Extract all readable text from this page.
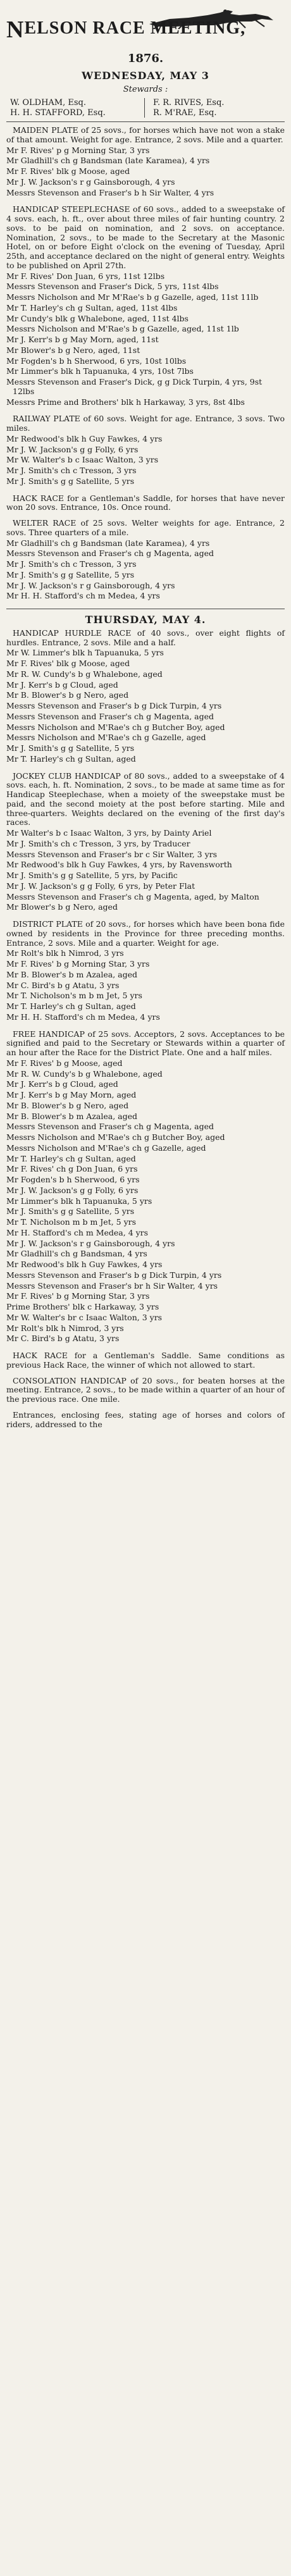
NELSON RACE MEETING,
1876.
WEDNESDAY, MAY 3
Stewards :
W. OLDHAM, Esq.
H. H. STAFFORD, Esq.
F. R. RIVES, Esq.
R. M'RAE, Esq.
MAIDEN PLATE of 25 sovs., for horses which have not won a stake of that amount. Weight for age. Entrance, 2 sovs. Mile and a quarter.
Mr F. Rives' p g Morning Star, 3 yrs
Mr Gladhill's ch g Bandsman (late Karamea), 4 yrs
Mr F. Rives' blk g Moose, aged
Mr J. W. Jackson's r g Gainsborough, 4 yrs
Messrs Stevenson and Fraser's b h Sir Walter, 4 yrs
HANDICAP STEEPLECHASE of 60 sovs., added to a sweepstake of 4 sovs. each, h. ft., over about three miles of fair hunting country. 2 sovs. to be paid on nomination, and 2 sovs. on acceptance. Nomination, 2 sovs., to be made to the Secretary at the Masonic Hotel, on or before Eight o'clock on the evening of Tuesday, April 25th, and acceptance declared on the night of general entry. Weights to be published on April 27th.
Mr F. Rives' Don Juan, 6 yrs, 11st 12lbs
Messrs Stevenson and Fraser's Dick, 5 yrs, 11st 4lbs
Messrs Nicholson and Mr M'Rae's b g Gazelle, aged, 11st 11lb
Mr T. Harley's ch g Sultan, aged, 11st 4lbs
Mr Cundy's blk g Whalebone, aged, 11st 4lbs
Messrs Nicholson and M'Rae's b g Gazelle, aged, 11st 1lb
Mr J. Kerr's b g May Morn, aged, 11st
Mr Blower's b g Nero, aged, 11st
Mr Fogden's b h Sherwood, 6 yrs, 10st 10lbs
Mr Limmer's blk h Tapuanuka, 4 yrs, 10st 7lbs
Messrs Stevenson and Fraser's Dick, g g Dick Turpin, 4 yrs, 9st 12lbs
Messrs Prime and Brothers' blk h Harkaway, 3 yrs, 8st 4lbs
RAILWAY PLATE of 60 sovs. Weight for age. Entrance, 3 sovs. Two miles.
Mr Redwood's blk h Guy Fawkes, 4 yrs
Mr J. W. Jackson's g g Folly, 6 yrs
Mr W. Walter's b c Isaac Walton, 3 yrs
Mr J. Smith's ch c Tresson, 3 yrs
Mr J. Smith's g g Satellite, 5 yrs
HACK RACE for a Gentleman's Saddle, for horses that have never won 20 sovs. Entrance, 10s. Once round.
WELTER RACE of 25 sovs. Welter weights for age. Entrance, 2 sovs. Three quarters of a mile.
Mr Gladhill's ch g Bandsman (late Karamea), 4 yrs
Messrs Stevenson and Fraser's ch g Magenta, aged
Mr J. Smith's ch c Tresson, 3 yrs
Mr J. Smith's g g Satellite, 5 yrs
Mr J. W. Jackson's r g Gainsborough, 4 yrs
Mr H. H. Stafford's ch m Medea, 4 yrs
THURSDAY, MAY 4.
HANDICAP HURDLE RACE of 40 sovs., over eight flights of hurdles. Entrance, 2 sovs. Mile and a half.
Mr W. Limmer's blk h Tapuanuka, 5 yrs
Mr F. Rives' blk g Moose, aged
Mr R. W. Cundy's b g Whalebone, aged
Mr J. Kerr's b g Cloud, aged
Mr B. Blower's b g Nero, aged
Messrs Stevenson and Fraser's b g Dick Turpin, 4 yrs
Messrs Stevenson and Fraser's ch g Magenta, aged
Messrs Nicholson and M'Rae's ch g Butcher Boy, aged
Messrs Nicholson and M'Rae's ch g Gazelle, aged
Mr J. Smith's g g Satellite, 5 yrs
Mr T. Harley's ch g Sultan, aged
JOCKEY CLUB HANDICAP of 80 sovs., added to a sweepstake of 4 sovs. each, h. ft. Nomination, 2 sovs., to be made at same time as for Handicap Steeplechase, when a moiety of the sweepstake must be paid, and the second moiety at the post before starting. Mile and three-quarters. Weights declared on the evening of the first day's races.
Mr Walter's b c Isaac Walton, 3 yrs, by Dainty Ariel
Mr J. Smith's ch c Tresson, 3 yrs, by Traducer
Messrs Stevenson and Fraser's br c Sir Walter, 3 yrs
Mr Redwood's blk h Guy Fawkes, 4 yrs, by Ravensworth
Mr J. Smith's g g Satellite, 5 yrs, by Pacific
Mr J. W. Jackson's g g Folly, 6 yrs, by Peter Flat
Messrs Stevenson and Fraser's ch g Magenta, aged, by Malton
Mr Blower's b g Nero, aged
DISTRICT PLATE of 20 sovs., for horses which have been bona fide owned by residents in the Province for three preceding months. Entrance, 2 sovs. Mile and a quarter. Weight for age.
Mr Rolt's blk h Nimrod, 3 yrs
Mr F. Rives' b g Morning Star, 3 yrs
Mr B. Blower's b m Azalea, aged
Mr C. Bird's b g Atatu, 3 yrs
Mr T. Nicholson's m b m Jet, 5 yrs
Mr T. Harley's ch g Sultan, aged
Mr H. H. Stafford's ch m Medea, 4 yrs
FREE HANDICAP of 25 sovs. Acceptors, 2 sovs. Acceptances to be signified and paid to the Secretary or Stewards within a quarter of an hour after the Race for the District Plate. One and a half miles.
Mr F. Rives' b g Moose, aged
Mr R. W. Cundy's b g Whalebone, aged
Mr J. Kerr's b g Cloud, aged
Mr J. Kerr's b g May Morn, aged
Mr B. Blower's b g Nero, aged
Mr B. Blower's b m Azalea, aged
Messrs Stevenson and Fraser's ch g Magenta, aged
Messrs Nicholson and M'Rae's ch g Butcher Boy, aged
Messrs Nicholson and M'Rae's ch g Gazelle, aged
Mr T. Harley's ch g Sultan, aged
Mr F. Rives' ch g Don Juan, 6 yrs
Mr Fogden's b h Sherwood, 6 yrs
Mr J. W. Jackson's g g Folly, 6 yrs
Mr Limmer's blk h Tapuanuka, 5 yrs
Mr J. Smith's g g Satellite, 5 yrs
Mr T. Nicholson m b m Jet, 5 yrs
Mr H. Stafford's ch m Medea, 4 yrs
Mr J. W. Jackson's r g Gainsborough, 4 yrs
Mr Gladhill's ch g Bandsman, 4 yrs
Mr Redwood's blk h Guy Fawkes, 4 yrs
Messrs Stevenson and Fraser's b g Dick Turpin, 4 yrs
Messrs Stevenson and Fraser's br h Sir Walter, 4 yrs
Mr F. Rives' b g Morning Star, 3 yrs
Prime Brothers' blk c Harkaway, 3 yrs
Mr W. Walter's br c Isaac Walton, 3 yrs
Mr Rolt's blk h Nimrod, 3 yrs
Mr C. Bird's b g Atatu, 3 yrs
HACK RACE for a Gentleman's Saddle. Same conditions as previous Hack Race, the winner of which not allowed to start.
CONSOLATION HANDICAP of 20 sovs., for beaten horses at the meeting. Entrance, 2 sovs., to be made within a quarter of an hour of the previous race. One mile.
Entrances, enclosing fees, stating age of horses and colors of riders, addressed to the
